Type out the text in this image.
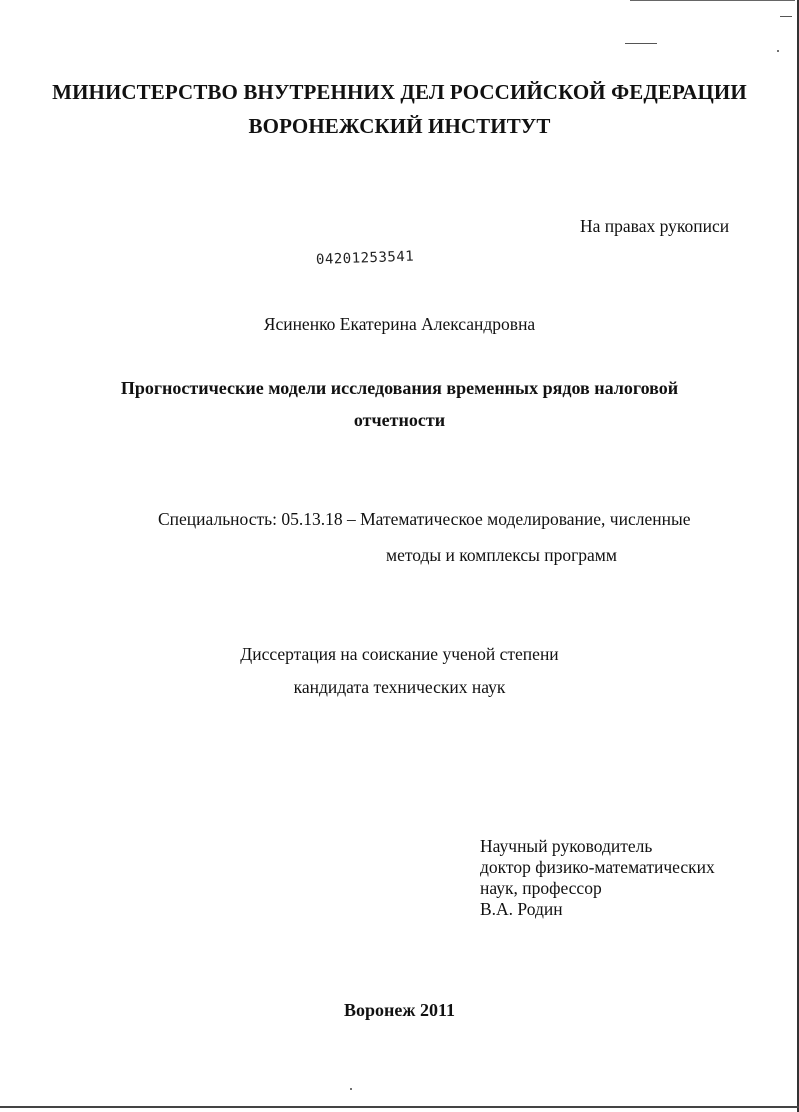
МИНИСТЕРСТВО ВНУТРЕННИХ ДЕЛ РОССИЙСКОЙ ФЕДЕРАЦИИ
ВОРОНЕЖСКИЙ ИНСТИТУТ
На правах рукописи
04201253541
Ясиненко Екатерина Александровна
Прогностические модели исследования временных рядов налоговой
отчетности
Специальность: 05.13.18 – Математическое моделирование, численные
методы и комплексы программ
Диссертация на соискание ученой степени
кандидата технических наук
Научный руководитель
доктор физико-математических
наук, профессор
В.А. Родин
Воронеж 2011
